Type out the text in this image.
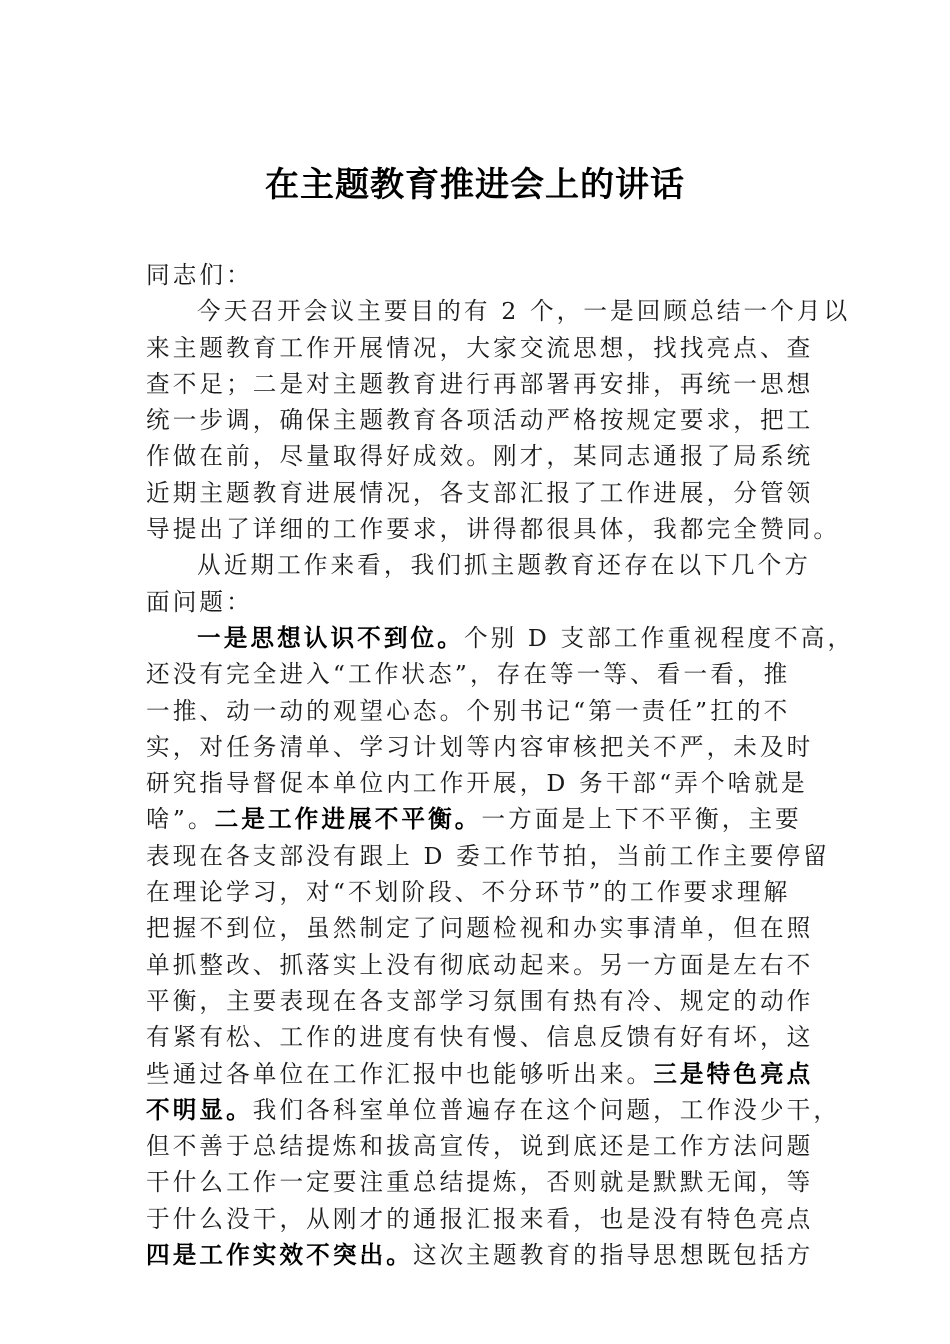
在主题教育推进会上的讲话
同志们：
今天召开会议主要目的有 2 个，一是回顾总结一个月以
来主题教育工作开展情况，大家交流思想，找找亮点、查
查不足；二是对主题教育进行再部署再安排，再统一思想
统一步调，确保主题教育各项活动严格按规定要求，把工
作做在前，尽量取得好成效。刚才，某同志通报了局系统
近期主题教育进展情况，各支部汇报了工作进展，分管领
导提出了详细的工作要求，讲得都很具体，我都完全赞同。
从近期工作来看，我们抓主题教育还存在以下几个方
面问题：
一是思想认识不到位。个别 D 支部工作重视程度不高，
还没有完全进入“工作状态”，存在等一等、看一看，推
一推、动一动的观望心态。个别书记“第一责任”扛的不
实，对任务清单、学习计划等内容审核把关不严，未及时
研究指导督促本单位内工作开展，D 务干部“弄个啥就是
啥”。二是工作进展不平衡。一方面是上下不平衡，主要
表现在各支部没有跟上 D 委工作节拍，当前工作主要停留
在理论学习，对“不划阶段、不分环节”的工作要求理解
把握不到位，虽然制定了问题检视和办实事清单，但在照
单抓整改、抓落实上没有彻底动起来。另一方面是左右不
平衡，主要表现在各支部学习氛围有热有冷、规定的动作
有紧有松、工作的进度有快有慢、信息反馈有好有坏，这
些通过各单位在工作汇报中也能够听出来。三是特色亮点
不明显。我们各科室单位普遍存在这个问题，工作没少干，
但不善于总结提炼和拔高宣传，说到底还是工作方法问题
干什么工作一定要注重总结提炼，否则就是默默无闻，等
于什么没干，从刚才的通报汇报来看，也是没有特色亮点
四是工作实效不突出。这次主题教育的指导思想既包括方
